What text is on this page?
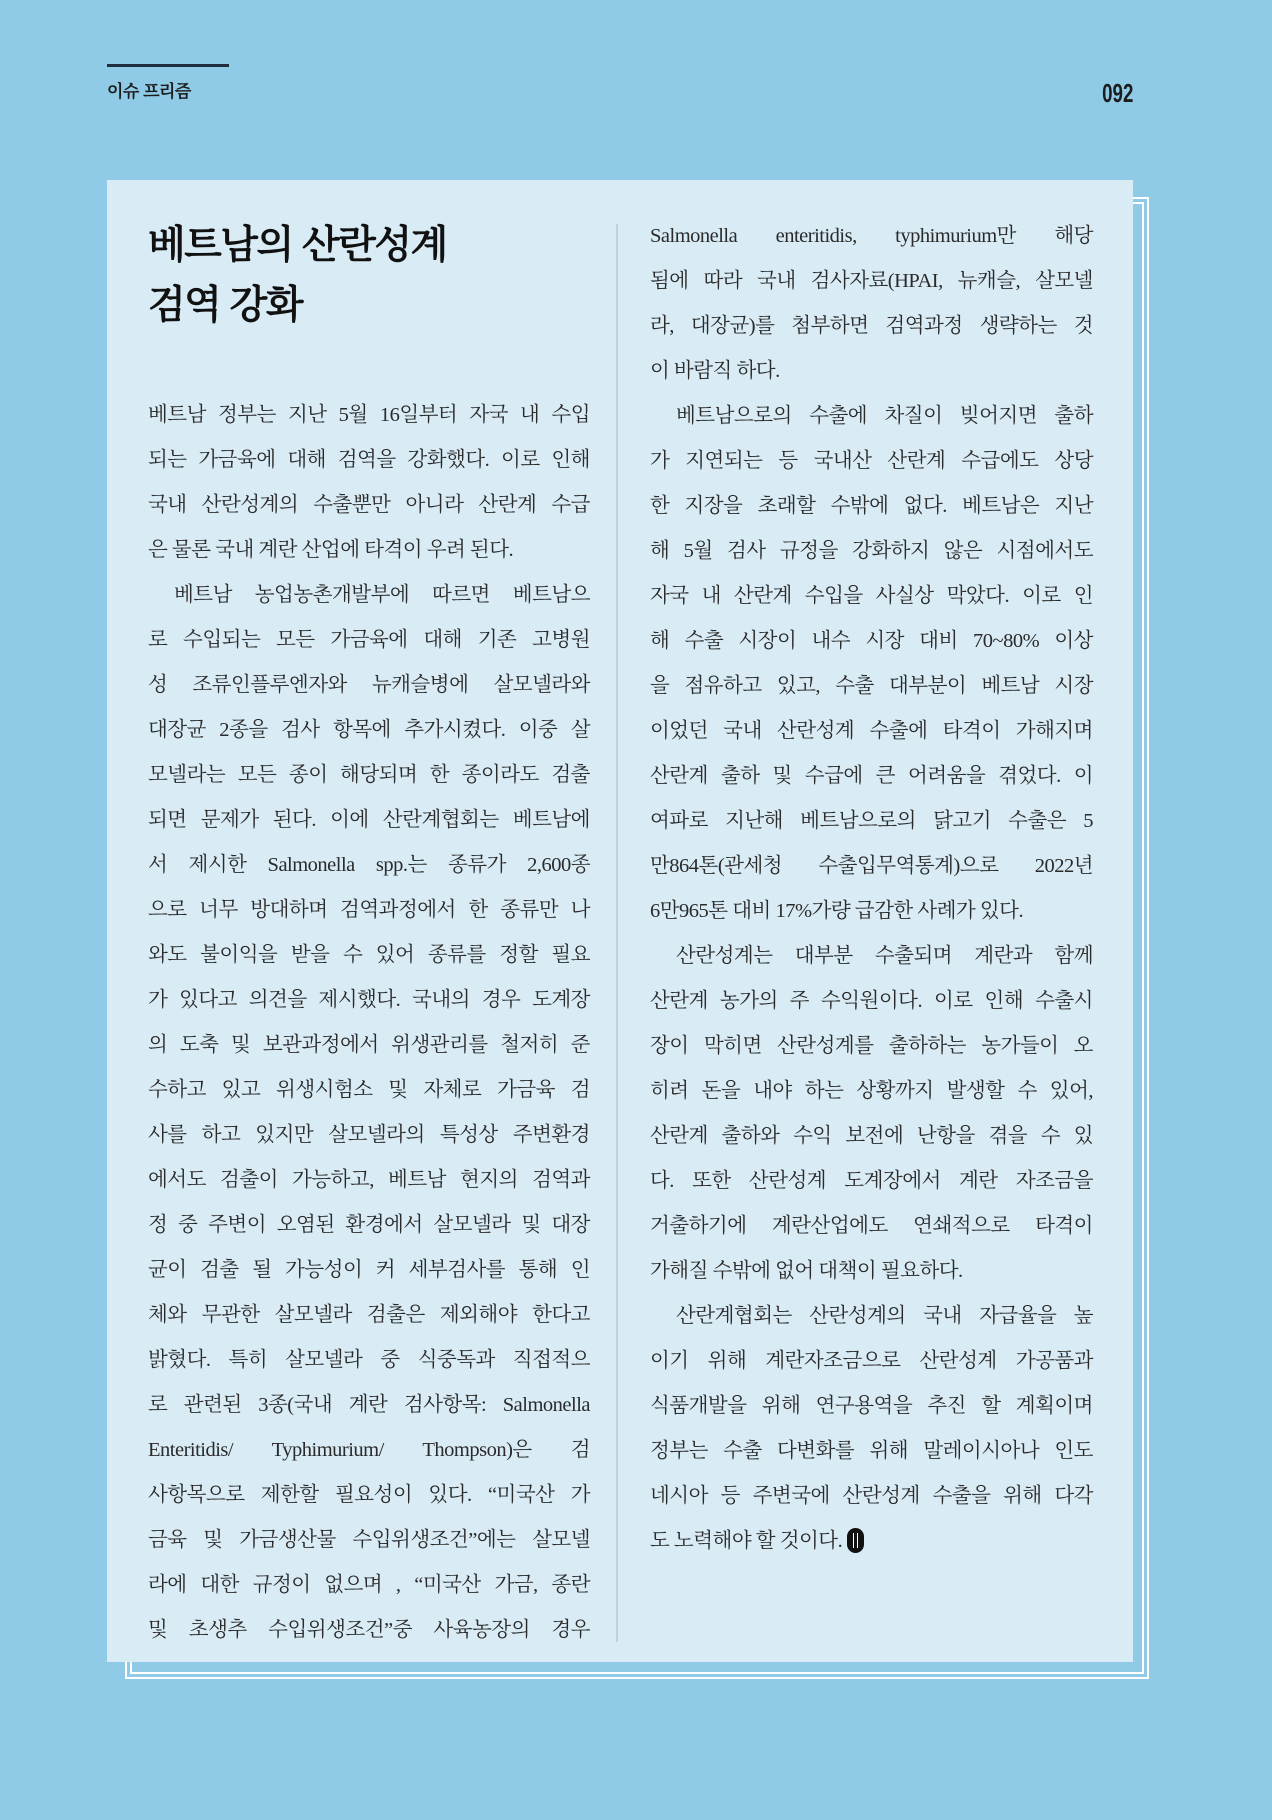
이슈 프리즘	092
베트남의 산란성계
검역 강화
베트남 정부는 지난 5월 16일부터 자국 내 수입
되는 가금육에 대해 검역을 강화했다. 이로 인해
국내 산란성계의 수출뿐만 아니라 산란계 수급
은 물론 국내 계란 산업에 타격이 우려 된다.
베트남 농업농촌개발부에 따르면 베트남으
로 수입되는 모든 가금육에 대해 기존 고병원
성 조류인플루엔자와 뉴캐슬병에 살모넬라와
대장균 2종을 검사 항목에 추가시켰다. 이중 살
모넬라는 모든 종이 해당되며 한 종이라도 검출
되면 문제가 된다. 이에 산란계협회는 베트남에
서 제시한 Salmonella spp.는 종류가 2,600종
으로 너무 방대하며 검역과정에서 한 종류만 나
와도 불이익을 받을 수 있어 종류를 정할 필요
가 있다고 의견을 제시했다. 국내의 경우 도계장
의 도축 및 보관과정에서 위생관리를 철저히 준
수하고 있고 위생시험소 및 자체로 가금육 검
사를 하고 있지만 살모넬라의 특성상 주변환경
에서도 검출이 가능하고, 베트남 현지의 검역과
정 중 주변이 오염된 환경에서 살모넬라 및 대장
균이 검출 될 가능성이 커 세부검사를 통해 인
체와 무관한 살모넬라 검출은 제외해야 한다고
밝혔다. 특히 살모넬라 중 식중독과 직접적으
로 관련된 3종(국내 계란 검사항목: Salmonella
Enteritidis/ Typhimurium/ Thompson)은 검
사항목으로 제한할 필요성이 있다. “미국산 가
금육 및 가금생산물 수입위생조건”에는 살모넬
라에 대한 규정이 없으며 , “미국산 가금, 종란
및 초생추 수입위생조건”중 사육농장의 경우
Salmonella enteritidis, typhimurium만 해당
됨에 따라 국내 검사자료(HPAI, 뉴캐슬, 살모넬
라, 대장균)를 첨부하면 검역과정 생략하는 것
이 바람직 하다.
베트남으로의 수출에 차질이 빚어지면 출하
가 지연되는 등 국내산 산란계 수급에도 상당
한 지장을 초래할 수밖에 없다. 베트남은 지난
해 5월 검사 규정을 강화하지 않은 시점에서도
자국 내 산란계 수입을 사실상 막았다. 이로 인
해 수출 시장이 내수 시장 대비 70~80% 이상
을 점유하고 있고, 수출 대부분이 베트남 시장
이었던 국내 산란성계 수출에 타격이 가해지며
산란계 출하 및 수급에 큰 어려움을 겪었다. 이
여파로 지난해 베트남으로의 닭고기 수출은 5
만864톤(관세청 수출입무역통계)으로 2022년
6만965톤 대비 17%가량 급감한 사례가 있다.
산란성계는 대부분 수출되며 계란과 함께
산란계 농가의 주 수익원이다. 이로 인해 수출시
장이 막히면 산란성계를 출하하는 농가들이 오
히려 돈을 내야 하는 상황까지 발생할 수 있어,
산란계 출하와 수익 보전에 난항을 겪을 수 있
다. 또한 산란성계 도계장에서 계란 자조금을
거출하기에 계란산업에도 연쇄적으로 타격이
가해질 수밖에 없어 대책이 필요하다.
산란계협회는 산란성계의 국내 자급율을 높
이기 위해 계란자조금으로 산란성계 가공품과
식품개발을 위해 연구용역을 추진 할 계획이며
정부는 수출 다변화를 위해 말레이시아나 인도
네시아 등 주변국에 산란성계 수출을 위해 다각
도 노력해야 할 것이다.
